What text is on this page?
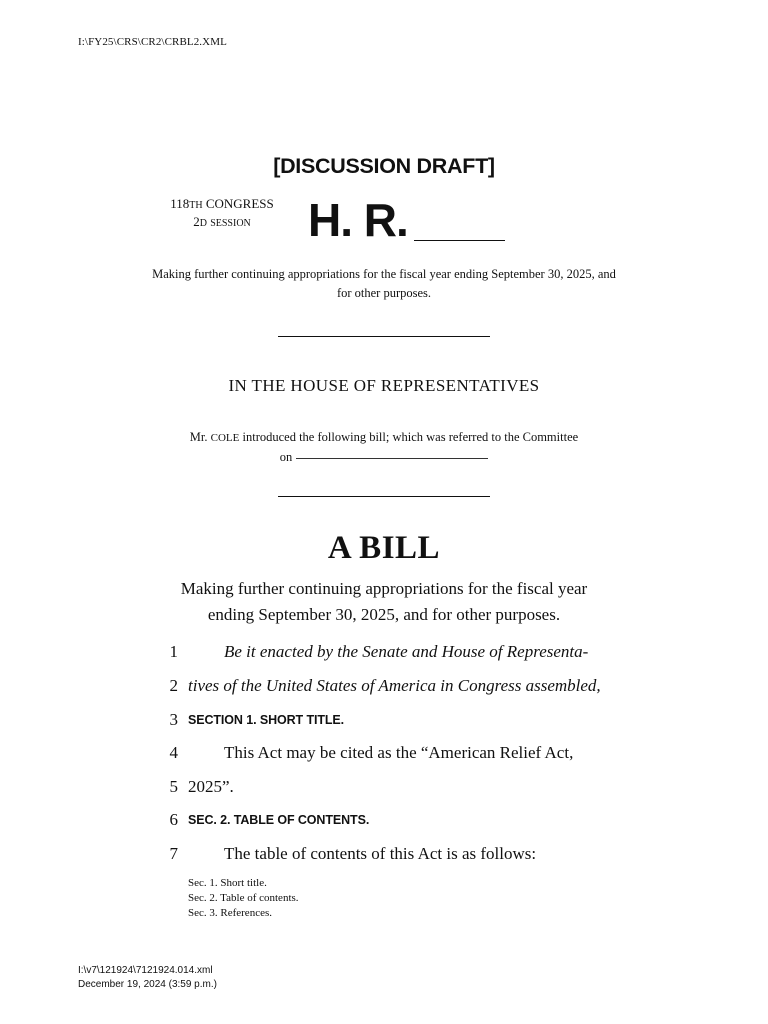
I:\FY25\CRS\CR2\CRBL2.XML
[DISCUSSION DRAFT]
118TH CONGRESS
2D SESSION	H. R.
Making further continuing appropriations for the fiscal year ending September 30, 2025, and for other purposes.
IN THE HOUSE OF REPRESENTATIVES
Mr. COLE introduced the following bill; which was referred to the Committee
on
A BILL
Making further continuing appropriations for the fiscal year
ending September 30, 2025, and for other purposes.
1	Be it enacted by the Senate and House of Representa-
2 tives of the United States of America in Congress assembled,
3 SECTION 1. SHORT TITLE.
4	This Act may be cited as the “American Relief Act,
5 2025”.
6 SEC. 2. TABLE OF CONTENTS.
7	The table of contents of this Act is as follows:
Sec. 1. Short title.
Sec. 2. Table of contents.
Sec. 3. References.
I:\v7\121924\7121924.014.xml
December 19, 2024 (3:59 p.m.)
